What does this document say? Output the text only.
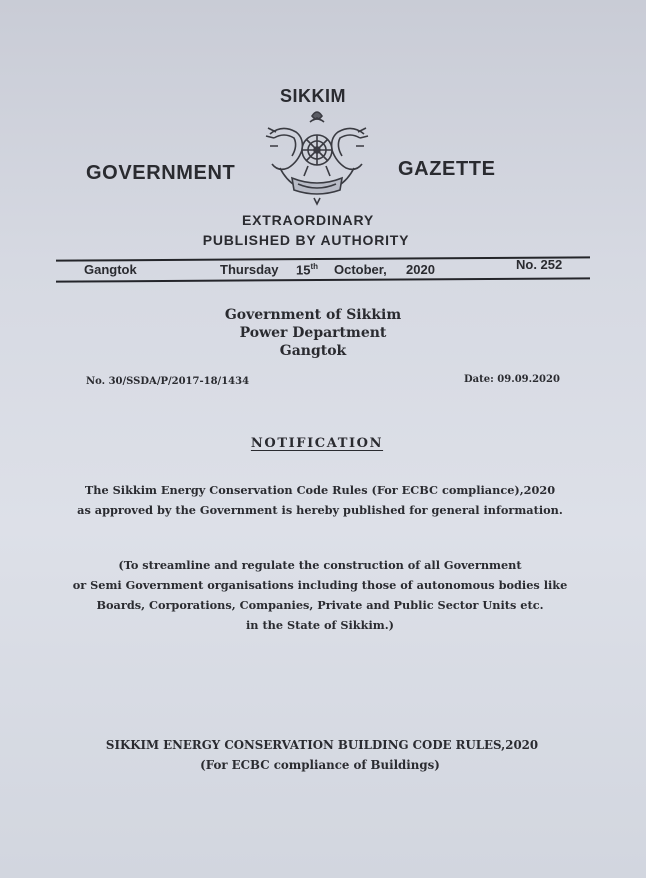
SIKKIM
GOVERNMENT	GAZETTE
EXTRAORDINARY
PUBLISHED BY AUTHORITY
Gangtok	Thursday 15th October, 2020	No. 252
Government of Sikkim
Power Department
Gangtok
No. 30/SSDA/P/2017-18/1434	Date: 09.09.2020
NOTIFICATION
The Sikkim Energy Conservation Code Rules (For ECBC compliance),2020
as approved by the Government is hereby published for general information.
(To streamline and regulate the construction of all Government
or Semi Government organisations including those of autonomous bodies like
Boards, Corporations, Companies, Private and Public Sector Units etc.
in the State of Sikkim.)
SIKKIM ENERGY CONSERVATION BUILDING CODE RULES,2020
(For ECBC compliance of Buildings)
